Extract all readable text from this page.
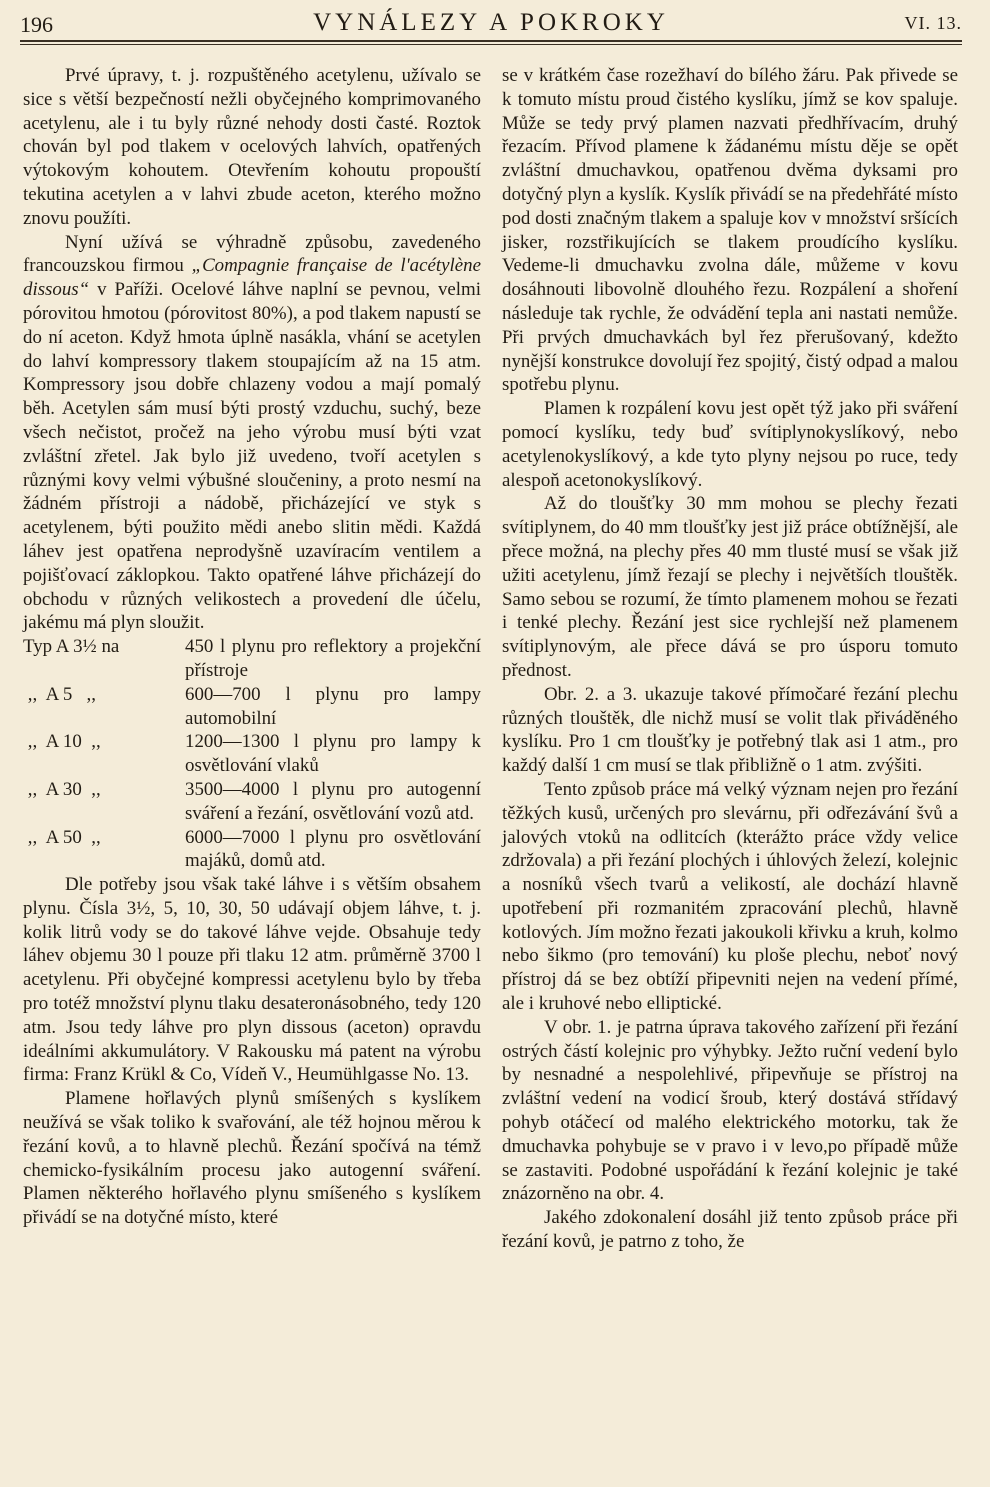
196	VYNÁLEZY A POKROKY	VI. 13.

Prvé úpravy, t. j. rozpuštěného acetylenu, užívalo se sice s větší bezpečností nežli obyčejného komprimovaného acetylenu, ale i tu byly různé nehody dosti časté. Roztok chován byl pod tlakem v ocelových lahvích, opatřených výtokovým kohoutem. Otevřením kohoutu propouští tekutina acetylen a v lahvi zbude aceton, kterého možno znovu použíti.

Nyní užívá se výhradně způsobu, zavedeného francouzskou firmou „Compagnie française de l'acétylène dissous“ v Paříži. Ocelové láhve naplní se pevnou, velmi pórovitou hmotou (pórovitost 80%), a pod tlakem napustí se do ní aceton. Když hmota úplně nasákla, vhání se acetylen do lahví kompressory tlakem stoupajícím až na 15 atm. Kompressory jsou dobře chlazeny vodou a mají pomalý běh. Acetylen sám musí býti prostý vzduchu, suchý, beze všech nečistot, pročež na jeho výrobu musí býti vzat zvláštní zřetel. Jak bylo již uvedeno, tvoří acetylen s různými kovy velmi výbušné sloučeniny, a proto nesmí na žádném přístroji a nádobě, přicházející ve styk s acetylenem, býti použito mědi anebo slitin mědi. Každá láhev jest opatřena neprodyšně uzavíracím ventilem a pojišťovací záklopkou. Takto opatřené láhve přicházejí do obchodu v různých velikostech a provedení dle účelu, jakému má plyn sloužit.

Typ A 3½ na	450 l plynu pro reflektory a projekční přístroje
,,  A 5   ,,	600—700 l plynu pro lampy automobilní
,,  A 10  ,,	1200—1300 l plynu pro lampy k osvětlování vlaků
,,  A 30  ,,	3500—4000 l plynu pro autogenní sváření a řezání, osvětlování vozů atd.
,,  A 50  ,,	6000—7000 l plynu pro osvětlování majáků, domů atd.

Dle potřeby jsou však také láhve i s větším obsahem plynu. Čísla 3½, 5, 10, 30, 50 udávají objem láhve, t. j. kolik litrů vody se do takové láhve vejde. Obsahuje tedy láhev objemu 30 l pouze při tlaku 12 atm. průměrně 3700 l acetylenu. Při obyčejné kompressi acetylenu bylo by třeba pro totéž množství plynu tlaku desateronásobného, tedy 120 atm. Jsou tedy láhve pro plyn dissous (aceton) opravdu ideálními akkumulátory. V Rakousku má patent na výrobu firma: Franz Krükl & Co, Vídeň V., Heumühlgasse No. 13.

Plamene hořlavých plynů smíšených s kyslíkem neužívá se však toliko k svařování, ale též hojnou měrou k řezání kovů, a to hlavně plechů. Řezání spočívá na témž chemicko-fysikálním procesu jako autogenní sváření. Plamen některého hořlavého plynu smíšeného s kyslíkem přivádí se na dotyčné místo, které

se v krátkém čase rozežhaví do bílého žáru. Pak přivede se k tomuto místu proud čistého kyslíku, jímž se kov spaluje. Může se tedy prvý plamen nazvati předhřívacím, druhý řezacím. Přívod plamene k žádanému místu děje se opět zvláštní dmuchavkou, opatřenou dvěma dyksami pro dotyčný plyn a kyslík. Kyslík přivádí se na předehřáté místo pod dosti značným tlakem a spaluje kov v množství sršících jisker, rozstřikujících se tlakem proudícího kyslíku. Vedeme-li dmuchavku zvolna dále, můžeme v kovu dosáhnouti libovolně dlouhého řezu. Rozpálení a shoření následuje tak rychle, že odvádění tepla ani nastati nemůže. Při prvých dmuchavkách byl řez přerušovaný, kdežto nynější konstrukce dovolují řez spojitý, čistý odpad a malou spotřebu plynu.

Plamen k rozpálení kovu jest opět týž jako při sváření pomocí kyslíku, tedy buď svítiplynokyslíkový, nebo acetylenokyslíkový, a kde tyto plyny nejsou po ruce, tedy alespoň acetonokyslíkový.

Až do tloušťky 30 mm mohou se plechy řezati svítiplynem, do 40 mm tloušťky jest již práce obtížnější, ale přece možná, na plechy přes 40 mm tlusté musí se však již užiti acetylenu, jímž řezají se plechy i největších tlouštěk. Samo sebou se rozumí, že tímto plamenem mohou se řezati i tenké plechy. Řezání jest sice rychlejší než plamenem svítiplynovým, ale přece dává se pro úsporu tomuto přednost.

Obr. 2. a 3. ukazuje takové přímočaré řezání plechu různých tlouštěk, dle nichž musí se volit tlak přiváděného kyslíku. Pro 1 cm tloušťky je potřebný tlak asi 1 atm., pro každý další 1 cm musí se tlak přibližně o 1 atm. zvýšiti.

Tento způsob práce má velký význam nejen pro řezání těžkých kusů, určených pro slevárnu, při odřezávání švů a jalových vtoků na odlitcích (kterážto práce vždy velice zdržovala) a při řezání plochých i úhlových železí, kolejnic a nosníků všech tvarů a velikostí, ale dochází hlavně upotřebení při rozmanitém zpracování plechů, hlavně kotlových. Jím možno řezati jakoukoli křivku a kruh, kolmo nebo šikmo (pro temování) ku ploše plechu, neboť nový přístroj dá se bez obtíží připevniti nejen na vedení přímé, ale i kruhové nebo elliptické.

V obr. 1. je patrna úprava takového zařízení při řezání ostrých částí kolejnic pro výhybky. Ježto ruční vedení bylo by nesnadné a nespolehlivé, připevňuje se přístroj na zvláštní vedení na vodicí šroub, který dostává střídavý pohyb otáčecí od malého elektrického motorku, tak že dmuchavka pohybuje se v pravo i v levo,po případě může se zastaviti. Podobné uspořádání k řezání kolejnic je také znázorněno na obr. 4.

Jakého zdokonalení dosáhl již tento způsob práce při řezání kovů, je patrno z toho, že
